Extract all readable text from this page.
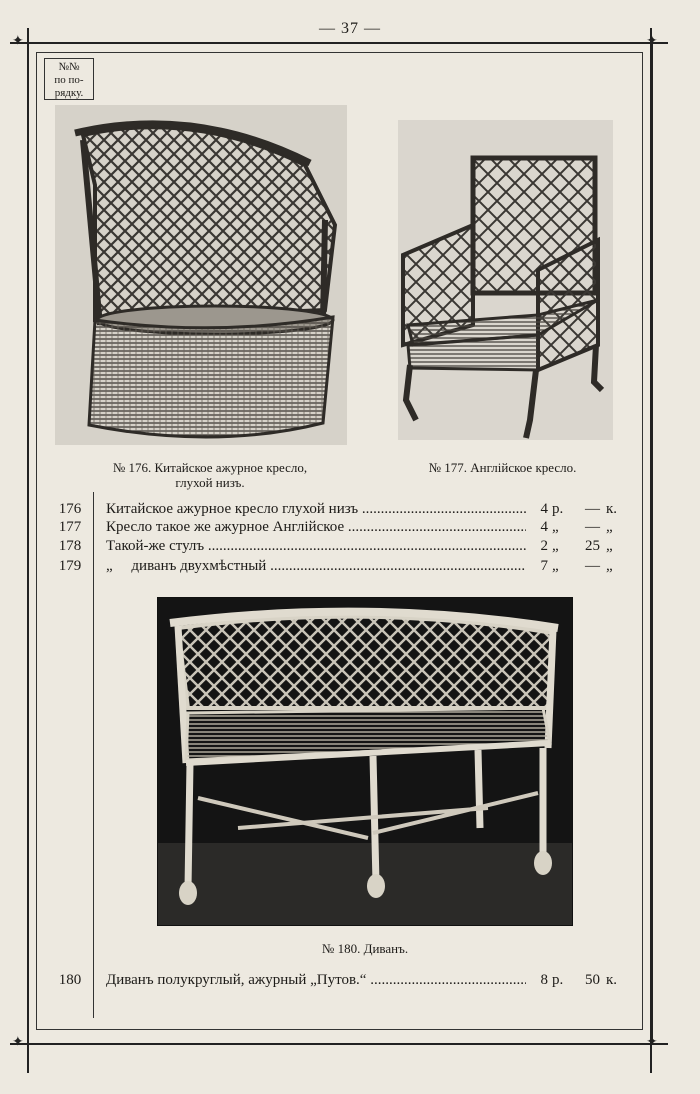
— 37 —
✦	✦
✦	✦
№№
по по-
рядку.
№ 176. Китайское ажурное кресло,
глухой низъ.
№ 177. Англійское кресло.
176	Китайское ажурное кресло глухой низъ .....	4 р.	— к.
177	Кресло такое же ажурное Англійское .....	4 „	— „
178	Такой-же стулъ .....	2 „	25 „
179	„     диванъ двухмѣстный .....	7 „	— „
№ 180. Диванъ.
180	Диванъ полукруглый, ажурный „Путов.“ .....	8 р.	50 к.
